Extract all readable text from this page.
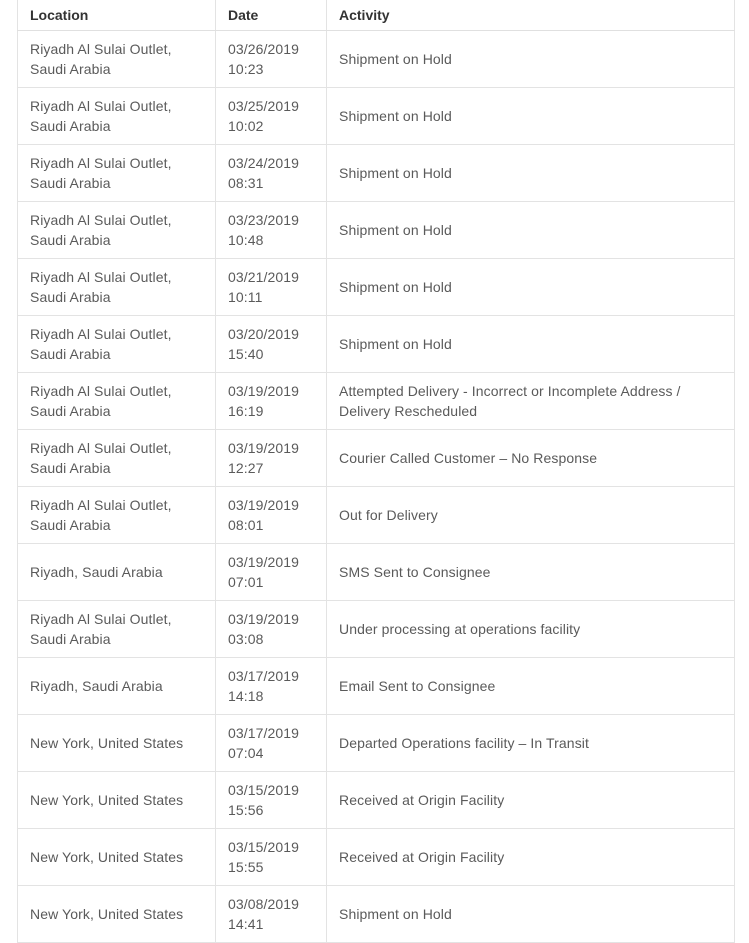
Location	Date	Activity

Riyadh Al Sulai Outlet, Saudi Arabia	03/26/2019 10:23	Shipment on Hold

Riyadh Al Sulai Outlet, Saudi Arabia	03/25/2019 10:02	Shipment on Hold

Riyadh Al Sulai Outlet, Saudi Arabia	03/24/2019 08:31	Shipment on Hold

Riyadh Al Sulai Outlet, Saudi Arabia	03/23/2019 10:48	Shipment on Hold

Riyadh Al Sulai Outlet, Saudi Arabia	03/21/2019 10:11	Shipment on Hold

Riyadh Al Sulai Outlet, Saudi Arabia	03/20/2019 15:40	Shipment on Hold

Riyadh Al Sulai Outlet, Saudi Arabia	03/19/2019 16:19	Attempted Delivery - Incorrect or Incomplete Address / Delivery Rescheduled

Riyadh Al Sulai Outlet, Saudi Arabia	03/19/2019 12:27	Courier Called Customer – No Response

Riyadh Al Sulai Outlet, Saudi Arabia	03/19/2019 08:01	Out for Delivery

Riyadh, Saudi Arabia	03/19/2019 07:01	SMS Sent to Consignee

Riyadh Al Sulai Outlet, Saudi Arabia	03/19/2019 03:08	Under processing at operations facility

Riyadh, Saudi Arabia	03/17/2019 14:18	Email Sent to Consignee

New York, United States	03/17/2019 07:04	Departed Operations facility – In Transit

New York, United States	03/15/2019 15:56	Received at Origin Facility

New York, United States	03/15/2019 15:55	Received at Origin Facility

New York, United States	03/08/2019 14:41	Shipment on Hold
